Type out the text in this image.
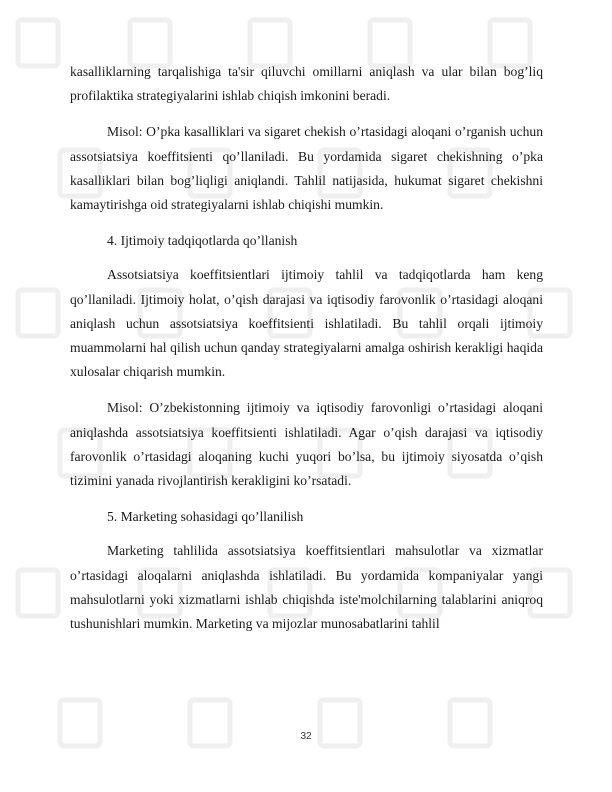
kasalliklarning tarqalishiga ta'sir qiluvchi omillarni aniqlash va ular bilan bog’liq profilaktika strategiyalarini ishlab chiqish imkonini beradi.

Misol: O’pka kasalliklari va sigaret chekish o’rtasidagi aloqani o’rganish uchun assotsiatsiya koeffitsienti qo’llaniladi. Bu yordamida sigaret chekishning o’pka kasalliklari bilan bog’liqligi aniqlandi. Tahlil natijasida, hukumat sigaret chekishni kamaytirishga oid strategiyalarni ishlab chiqishi mumkin.

4. Ijtimoiy tadqiqotlarda qo’llanish

Assotsiatsiya koeffitsientlari ijtimoiy tahlil va tadqiqotlarda ham keng qo’llaniladi. Ijtimoiy holat, o’qish darajasi va iqtisodiy farovonlik o’rtasidagi aloqani aniqlash uchun assotsiatsiya koeffitsienti ishlatiladi. Bu tahlil orqali ijtimoiy muammolarni hal qilish uchun qanday strategiyalarni amalga oshirish kerakligi haqida xulosalar chiqarish mumkin.

Misol: O’zbekistonning ijtimoiy va iqtisodiy farovonligi o’rtasidagi aloqani aniqlashda assotsiatsiya koeffitsienti ishlatiladi. Agar o’qish darajasi va iqtisodiy farovonlik o’rtasidagi aloqaning kuchi yuqori bo’lsa, bu ijtimoiy siyosatda o’qish tizimini yanada rivojlantirish kerakligini ko’rsatadi.

5. Marketing sohasidagi qo’llanilish

Marketing tahlilida assotsiatsiya koeffitsientlari mahsulotlar va xizmatlar o’rtasidagi aloqalarni aniqlashda ishlatiladi. Bu yordamida kompaniyalar yangi mahsulotlarni yoki xizmatlarni ishlab chiqishda iste'molchilarning talablarini aniqroq tushunishlari mumkin. Marketing va mijozlar munosabatlarini tahlil

32
